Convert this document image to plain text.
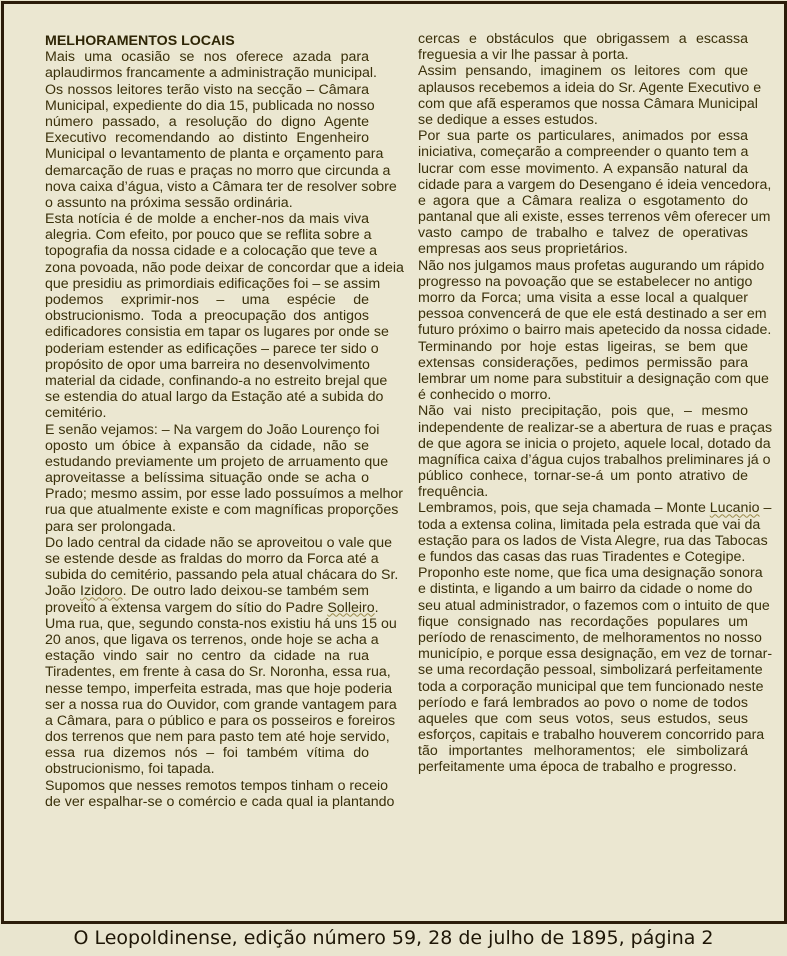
MELHORAMENTOS LOCAIS
Mais uma ocasião se nos oferece azada para
aplaudirmos francamente a administração municipal.
Os nossos leitores terão visto na secção – Câmara
Municipal, expediente do dia 15, publicada no nosso
número passado, a resolução do digno Agente
Executivo recomendando ao distinto Engenheiro
Municipal o levantamento de planta e orçamento para
demarcação de ruas e praças no morro que circunda a
nova caixa d’água, visto a Câmara ter de resolver sobre
o assunto na próxima sessão ordinária.
Esta notícia é de molde a encher-nos da mais viva
alegria. Com efeito, por pouco que se reflita sobre a
topografia da nossa cidade e a colocação que teve a
zona povoada, não pode deixar de concordar que a ideia
que presidiu as primordiais edificações foi – se assim
podemos exprimir-nos – uma espécie de
obstrucionismo. Toda a preocupação dos antigos
edificadores consistia em tapar os lugares por onde se
poderiam estender as edificações – parece ter sido o
propósito de opor uma barreira no desenvolvimento
material da cidade, confinando-a no estreito brejal que
se estendia do atual largo da Estação até a subida do
cemitério.
E senão vejamos: – Na vargem do João Lourenço foi
oposto um óbice à expansão da cidade, não se
estudando previamente um projeto de arruamento que
aproveitasse a belíssima situação onde se acha o
Prado; mesmo assim, por esse lado possuímos a melhor
rua que atualmente existe e com magníficas proporções
para ser prolongada.
Do lado central da cidade não se aproveitou o vale que
se estende desde as fraldas do morro da Forca até a
subida do cemitério, passando pela atual chácara do Sr.
João Izidoro. De outro lado deixou-se também sem
proveito a extensa vargem do sítio do Padre Solleiro.
Uma rua, que, segundo consta-nos existiu há uns 15 ou
20 anos, que ligava os terrenos, onde hoje se acha a
estação vindo sair no centro da cidade na rua
Tiradentes, em frente à casa do Sr. Noronha, essa rua,
nesse tempo, imperfeita estrada, mas que hoje poderia
ser a nossa rua do Ouvidor, com grande vantagem para
a Câmara, para o público e para os posseiros e foreiros
dos terrenos que nem para pasto tem até hoje servido,
essa rua dizemos nós – foi também vítima do
obstrucionismo, foi tapada.
Supomos que nesses remotos tempos tinham o receio
de ver espalhar-se o comércio e cada qual ia plantando
cercas e obstáculos que obrigassem a escassa
freguesia a vir lhe passar à porta.
Assim pensando, imaginem os leitores com que
aplausos recebemos a ideia do Sr. Agente Executivo e
com que afã esperamos que nossa Câmara Municipal
se dedique a esses estudos.
Por sua parte os particulares, animados por essa
iniciativa, começarão a compreender o quanto tem a
lucrar com esse movimento. A expansão natural da
cidade para a vargem do Desengano é ideia vencedora,
e agora que a Câmara realiza o esgotamento do
pantanal que ali existe, esses terrenos vêm oferecer um
vasto campo de trabalho e talvez de operativas
empresas aos seus proprietários.
Não nos julgamos maus profetas augurando um rápido
progresso na povoação que se estabelecer no antigo
morro da Forca; uma visita a esse local a qualquer
pessoa convencerá de que ele está destinado a ser em
futuro próximo o bairro mais apetecido da nossa cidade.
Terminando por hoje estas ligeiras, se bem que
extensas considerações, pedimos permissão para
lembrar um nome para substituir a designação com que
é conhecido o morro.
Não vai nisto precipitação, pois que, – mesmo
independente de realizar-se a abertura de ruas e praças
de que agora se inicia o projeto, aquele local, dotado da
magnífica caixa d’água cujos trabalhos preliminares já o
público conhece, tornar-se-á um ponto atrativo de
frequência.
Lembramos, pois, que seja chamada – Monte Lucanio –
toda a extensa colina, limitada pela estrada que vai da
estação para os lados de Vista Alegre, rua das Tabocas
e fundos das casas das ruas Tiradentes e Cotegipe.
Proponho este nome, que fica uma designação sonora
e distinta, e ligando a um bairro da cidade o nome do
seu atual administrador, o fazemos com o intuito de que
fique consignado nas recordações populares um
período de renascimento, de melhoramentos no nosso
município, e porque essa designação, em vez de tornar-
se uma recordação pessoal, simbolizará perfeitamente
toda a corporação municipal que tem funcionado neste
período e fará lembrados ao povo o nome de todos
aqueles que com seus votos, seus estudos, seus
esforços, capitais e trabalho houverem concorrido para
tão importantes melhoramentos; ele simbolizará
perfeitamente uma época de trabalho e progresso.
O Leopoldinense, edição número 59, 28 de julho de 1895, página 2
